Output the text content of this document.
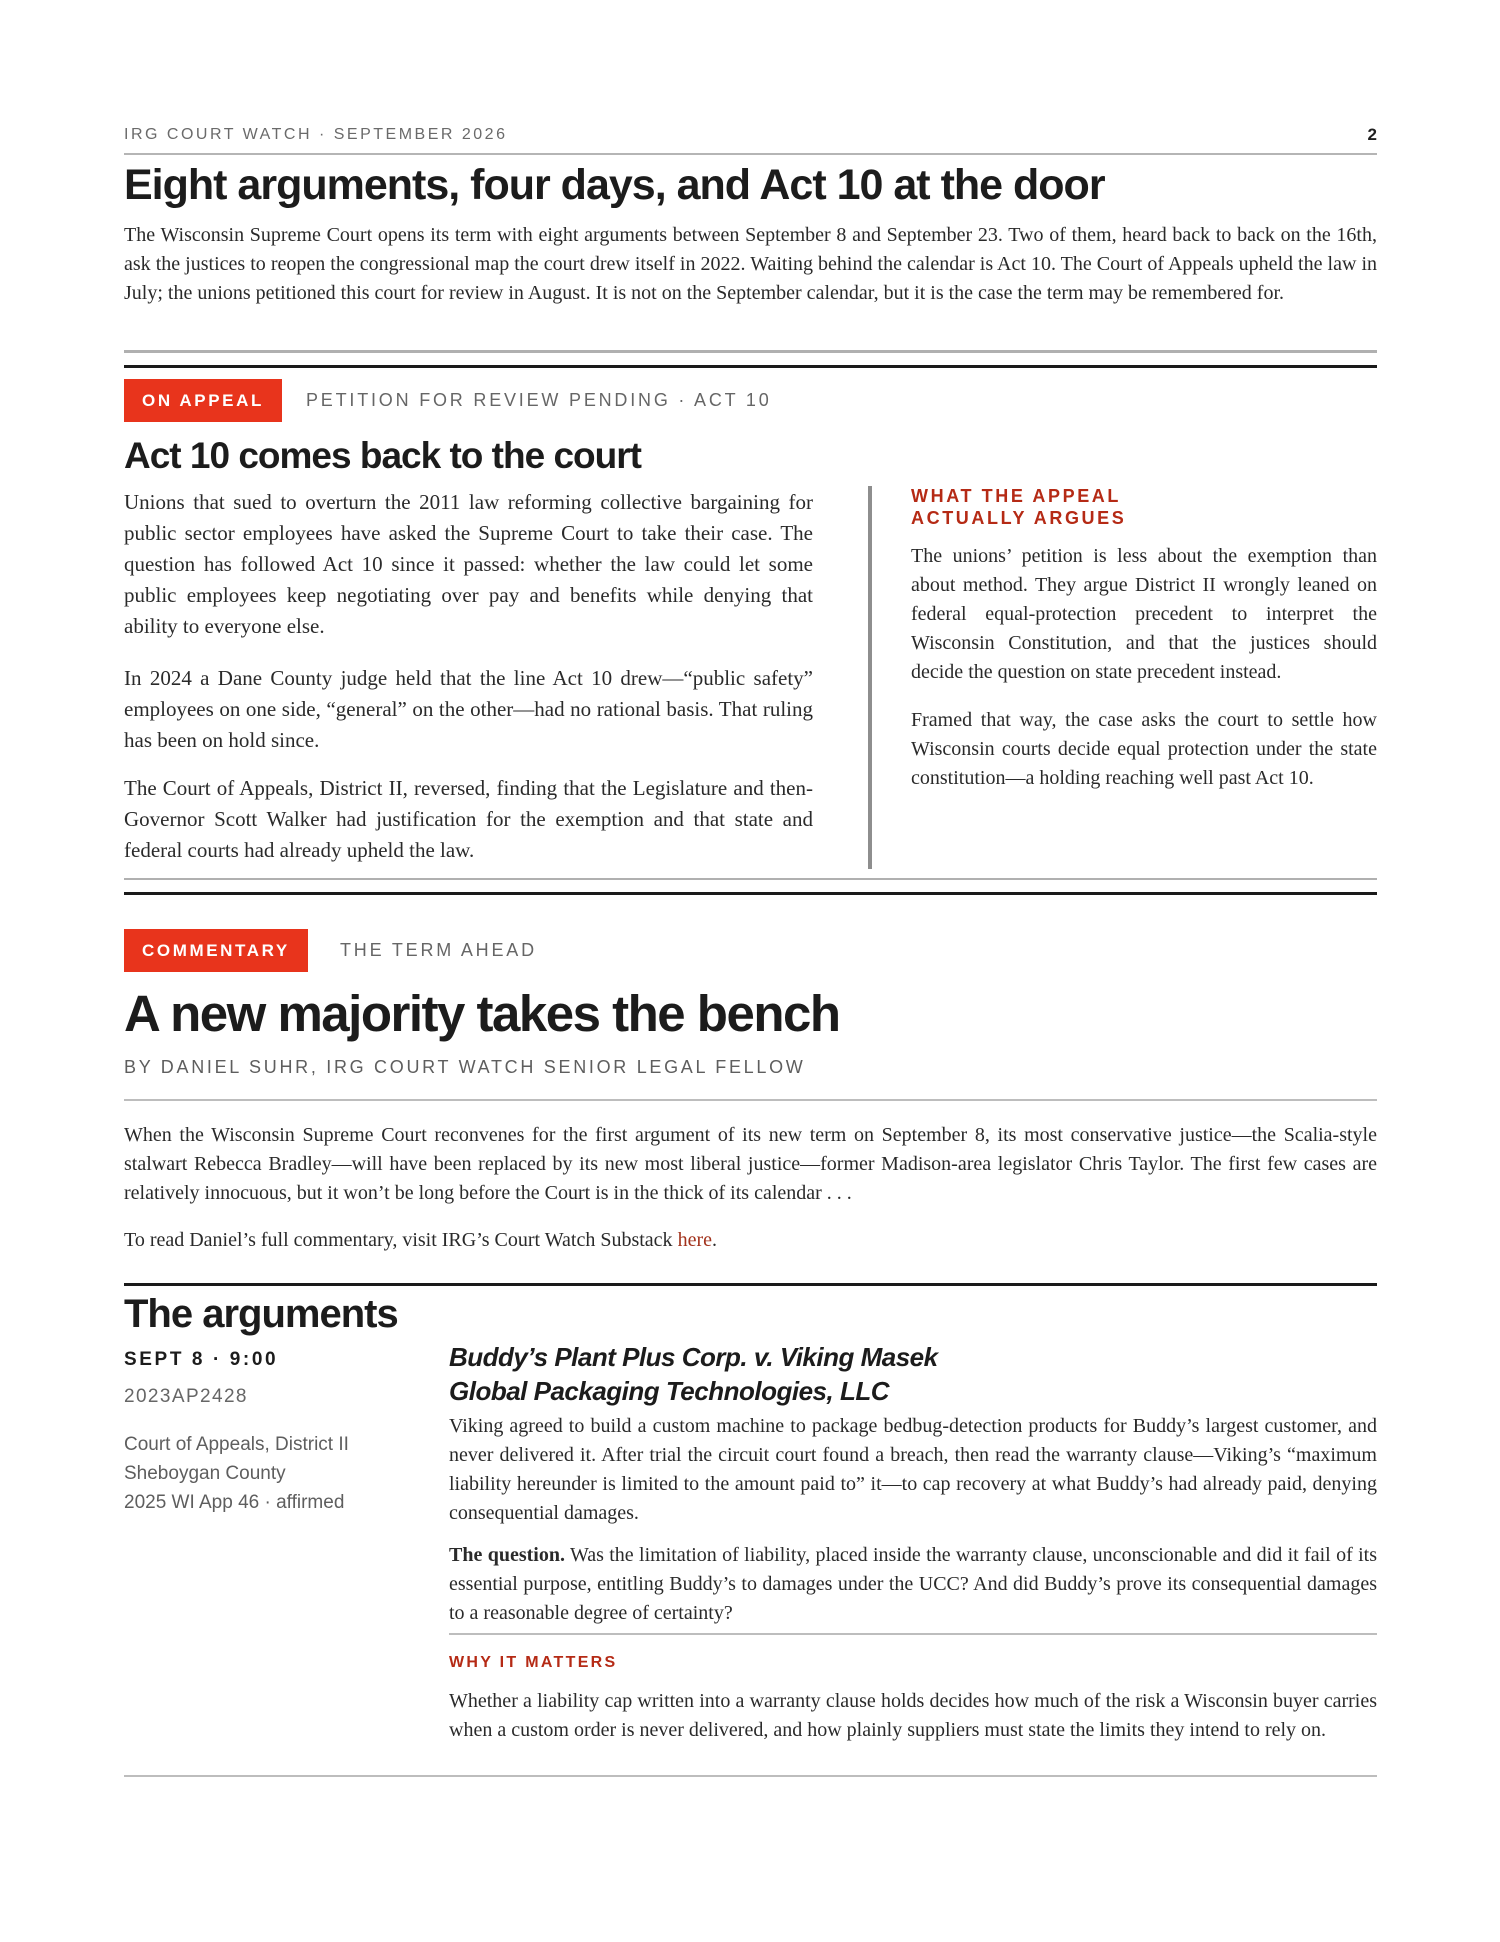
IRG COURT WATCH · SEPTEMBER 2026	2
Eight arguments, four days, and Act 10 at the door

The Wisconsin Supreme Court opens its term with eight arguments between September 8 and September 23. Two of them, heard back to back on the 16th, ask the justices to reopen the congressional map the court drew itself in 2022. Waiting behind the calendar is Act 10. The Court of Appeals upheld the law in July; the unions petitioned this court for review in August. It is not on the September calendar, but it is the case the term may be remembered for.

ON APPEAL	PETITION FOR REVIEW PENDING · ACT 10
Act 10 comes back to the court

Unions that sued to overturn the 2011 law reforming collective bargaining for public sector employees have asked the Supreme Court to take their case. The question has followed Act 10 since it passed: whether the law could let some public employees keep negotiating over pay and benefits while denying that ability to everyone else.

In 2024 a Dane County judge held that the line Act 10 drew—“public safety” employees on one side, “general” on the other—had no rational basis. That ruling has been on hold since.

The Court of Appeals, District II, reversed, finding that the Legislature and then-Governor Scott Walker had justification for the exemption and that state and federal courts had already upheld the law.

WHAT THE APPEAL ACTUALLY ARGUES

The unions’ petition is less about the exemption than about method. They argue District II wrongly leaned on federal equal-protection precedent to interpret the Wisconsin Constitution, and that the justices should decide the question on state precedent instead.

Framed that way, the case asks the court to settle how Wisconsin courts decide equal protection under the state constitution—a holding reaching well past Act 10.

COMMENTARY	THE TERM AHEAD
A new majority takes the bench
BY DANIEL SUHR, IRG COURT WATCH SENIOR LEGAL FELLOW

When the Wisconsin Supreme Court reconvenes for the first argument of its new term on September 8, its most conservative justice—the Scalia-style stalwart Rebecca Bradley—will have been replaced by its new most liberal justice—former Madison-area legislator Chris Taylor. The first few cases are relatively innocuous, but it won’t be long before the Court is in the thick of its calendar . . .

To read Daniel’s full commentary, visit IRG’s Court Watch Substack here.

The arguments
SEPT 8 · 9:00
2023AP2428
Court of Appeals, District II
Sheboygan County
2025 WI App 46 · affirmed
Buddy’s Plant Plus Corp. v. Viking Masek
Global Packaging Technologies, LLC

Viking agreed to build a custom machine to package bedbug-detection products for Buddy’s largest customer, and never delivered it. After trial the circuit court found a breach, then read the warranty clause—Viking’s “maximum liability hereunder is limited to the amount paid to” it—to cap recovery at what Buddy’s had already paid, denying consequential damages.

The question. Was the limitation of liability, placed inside the warranty clause, unconscionable and did it fail of its essential purpose, entitling Buddy’s to damages under the UCC? And did Buddy’s prove its consequential damages to a reasonable degree of certainty?

WHY IT MATTERS

Whether a liability cap written into a warranty clause holds decides how much of the risk a Wisconsin buyer carries when a custom order is never delivered, and how plainly suppliers must state the limits they intend to rely on.
